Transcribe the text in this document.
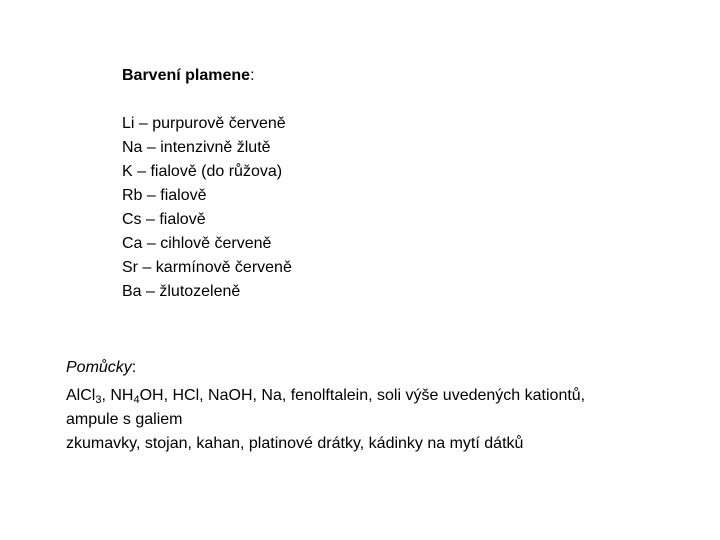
Barvení plamene:
Li – purpurově červeně
Na – intenzivně žlutě
K – fialově (do růžova)
Rb – fialově
Cs – fialově
Ca – cihlově červeně
Sr – karmínově červeně
Ba – žlutozeleně
Pomůcky:
AlCl$_3$, $NH_4OH$, HCl, NaOH, Na, fenolftalein, soli výše uvedených kationtů,
ampule s galiem
zkumavky, stojan, kahan, platinové drátky, kádinky na mytí dátků
